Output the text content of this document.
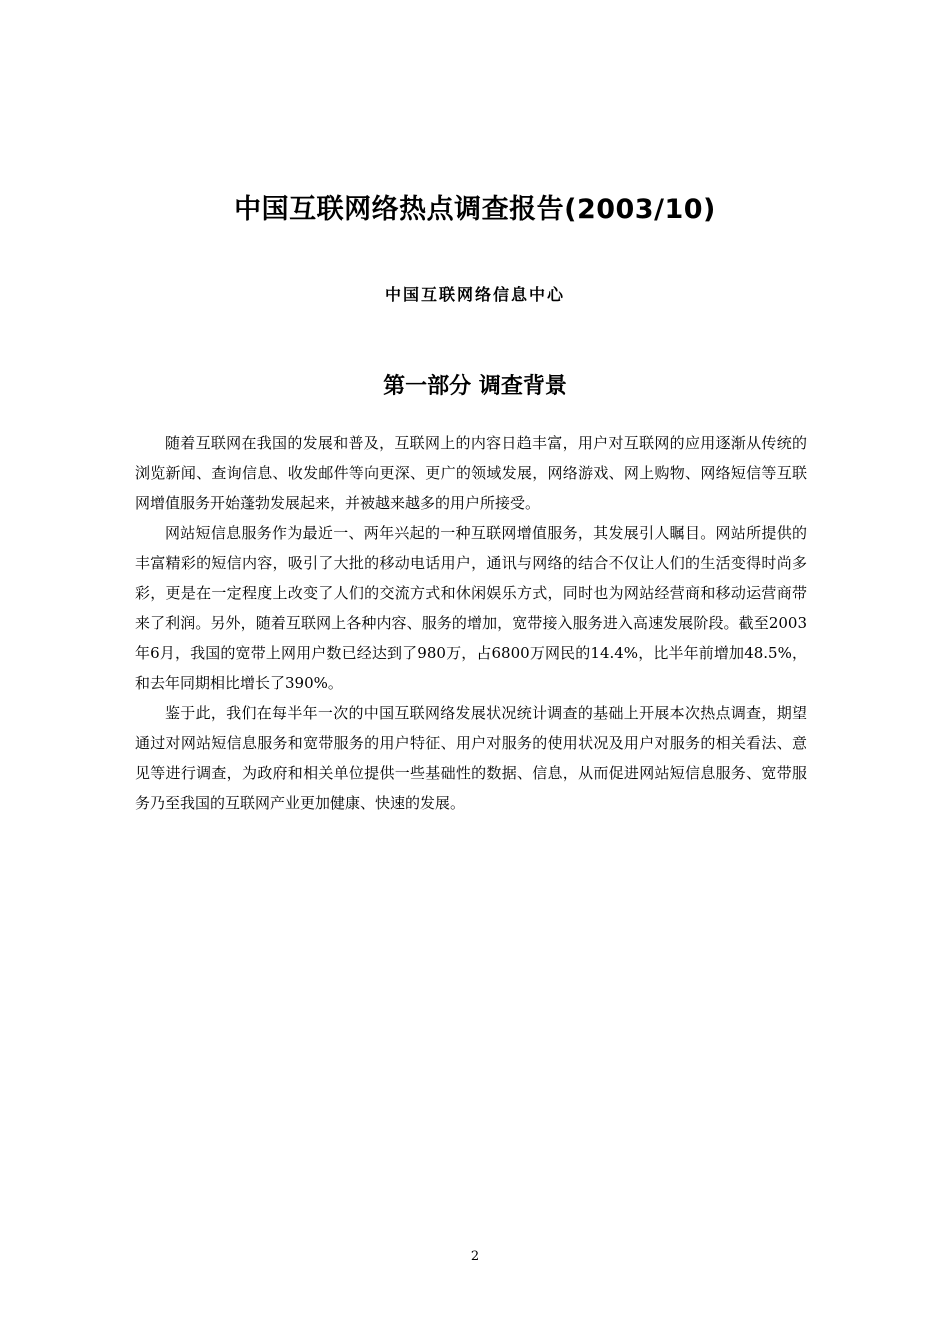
中国互联网络热点调查报告(2003/10)
中国互联网络信息中心
第一部分 调查背景

随着互联网在我国的发展和普及，互联网上的内容日趋丰富，用户对互联网的应用逐渐从传统的浏览新闻、查询信息、收发邮件等向更深、更广的领域发展，网络游戏、网上购物、网络短信等互联网增值服务开始蓬勃发展起来，并被越来越多的用户所接受。

网站短信息服务作为最近一、两年兴起的一种互联网增值服务，其发展引人瞩目。网站所提供的丰富精彩的短信内容，吸引了大批的移动电话用户，通讯与网络的结合不仅让人们的生活变得时尚多彩，更是在一定程度上改变了人们的交流方式和休闲娱乐方式，同时也为网站经营商和移动运营商带来了利润。另外，随着互联网上各种内容、服务的增加，宽带接入服务进入高速发展阶段。截至2003年6月，我国的宽带上网用户数已经达到了980万，占6800万网民的14.4%，比半年前增加48.5%，和去年同期相比增长了390%。

鉴于此，我们在每半年一次的中国互联网络发展状况统计调查的基础上开展本次热点调查，期望通过对网站短信息服务和宽带服务的用户特征、用户对服务的使用状况及用户对服务的相关看法、意见等进行调查，为政府和相关单位提供一些基础性的数据、信息，从而促进网站短信息服务、宽带服务乃至我国的互联网产业更加健康、快速的发展。

2
